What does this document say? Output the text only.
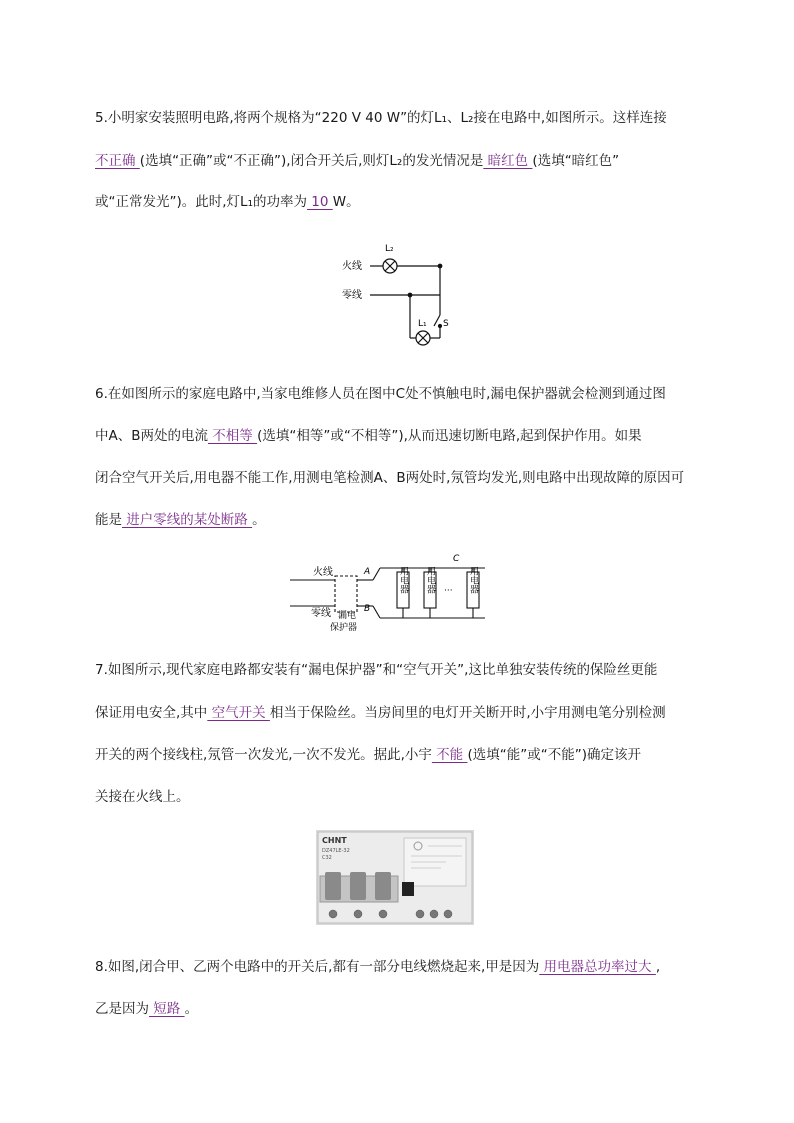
5.小明家安装照明电路,将两个规格为“220 V 40 W”的灯L₁、L₂接在电路中,如图所示。这样连接
不正确 (选填“正确”或“不正确”),闭合开关后,则灯L₂的发光情况是 暗红色 (选填“暗红色”
或“正常发光”)。此时,灯L₁的功率为 10 W。
火线
零线
L₂
L₁ S
6.在如图所示的家庭电路中,当家电维修人员在图中C处不慎触电时,漏电保护器就会检测到通过图
中A、B两处的电流 不相等 (选填“相等”或“不相等”),从而迅速切断电路,起到保护作用。如果
闭合空气开关后,用电器不能工作,用测电笔检测A、B两处时,氖管均发光,则电路中出现故障的原因可
能是 进户零线的某处断路 。
火线
零线
A
B
C
漏电
保护器
用电器 用电器	用电器
···
7.如图所示,现代家庭电路都安装有“漏电保护器”和“空气开关”,这比单独安装传统的保险丝更能
保证用电安全,其中 空气开关 相当于保险丝。当房间里的电灯开关断开时,小宇用测电笔分别检测
开关的两个接线柱,氖管一次发光,一次不发光。据此,小宇 不能 (选填“能”或“不能”)确定该开
关接在火线上。
CHNT
DZ47LE-32
C32
8.如图,闭合甲、乙两个电路中的开关后,都有一部分电线燃烧起来,甲是因为 用电器总功率过大 ,
乙是因为 短路 。
